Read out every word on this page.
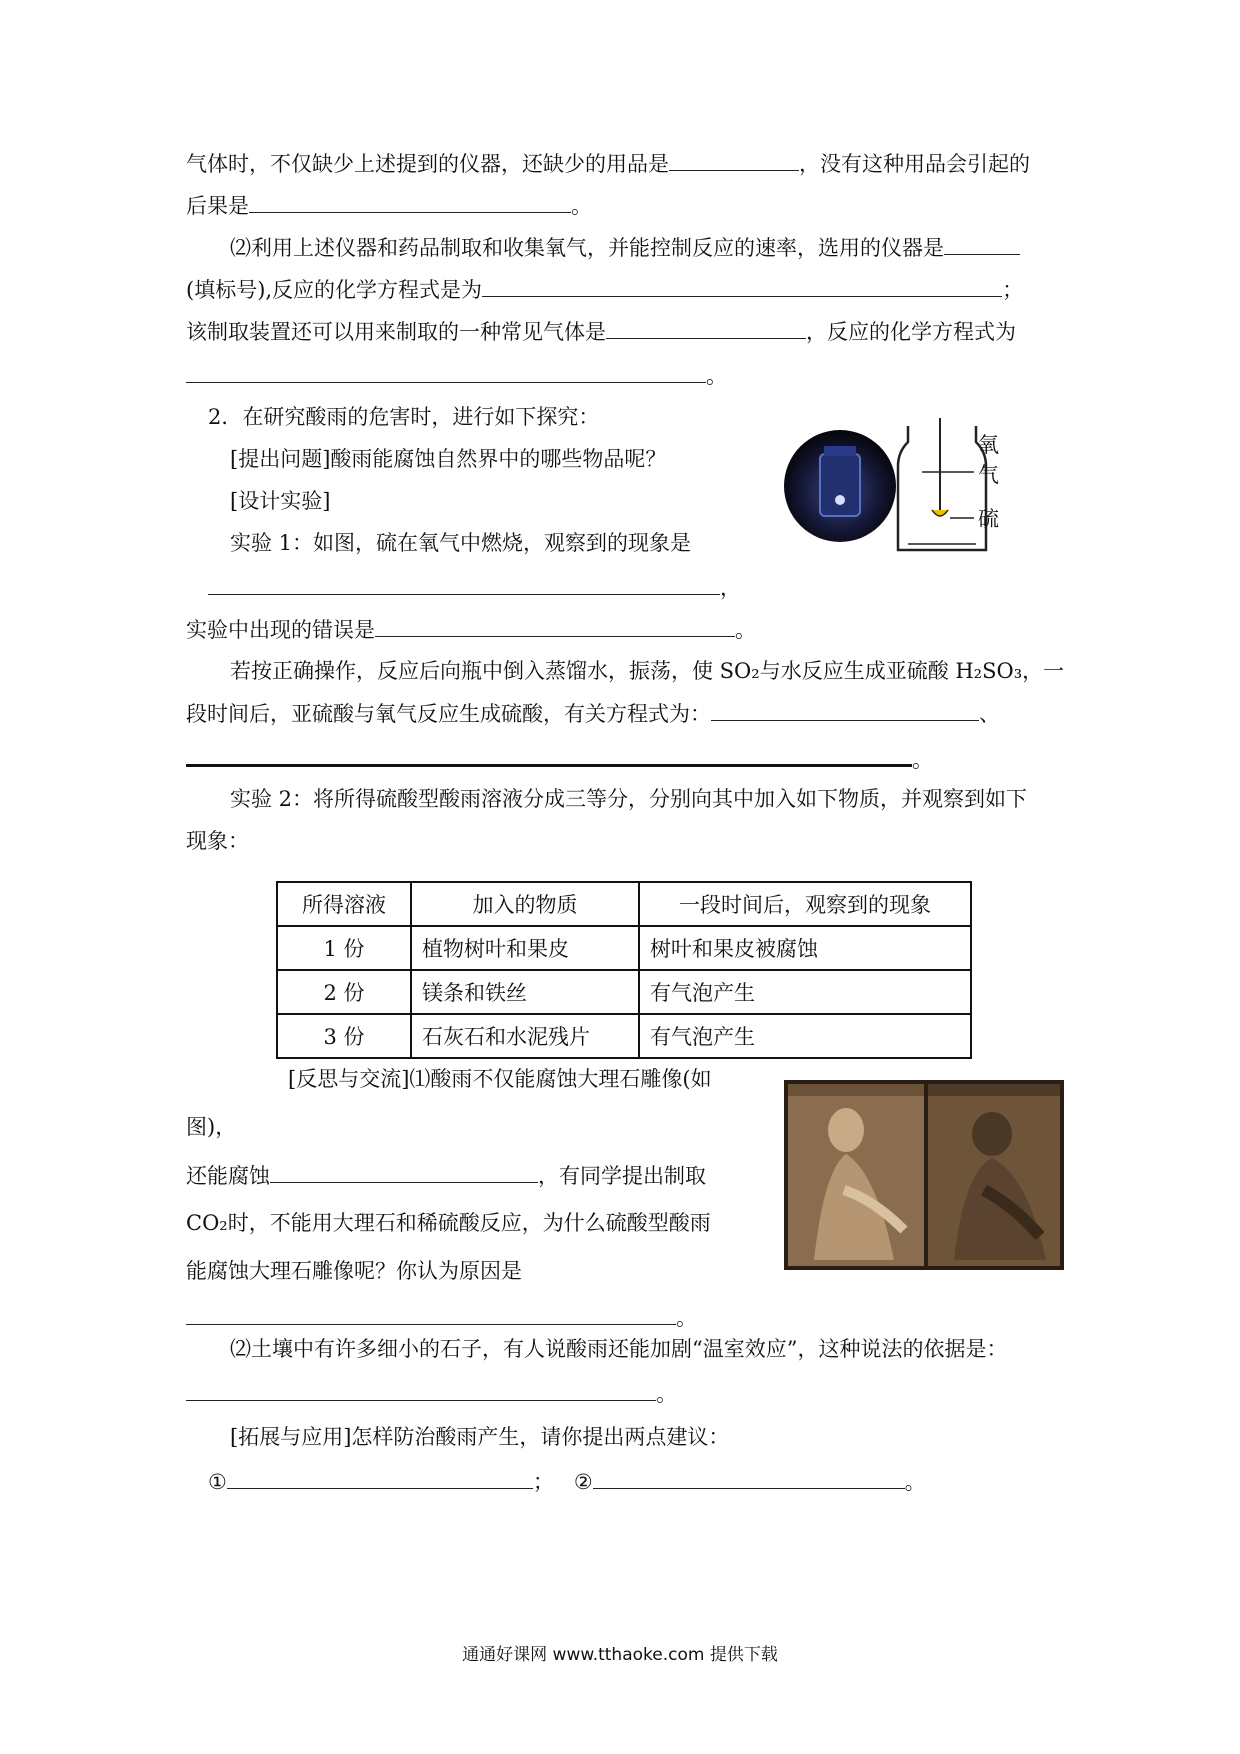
气体时，不仅缺少上述提到的仪器，还缺少的用品是	，没有这种用品会引起的
后果是	。
⑵利用上述仪器和药品制取和收集氧气，并能控制反应的速率，选用的仪器是
(填标号),反应的化学方程式是为	；
该制取装置还可以用来制取的一种常见气体是	，反应的化学方程式为
。
2．在研究酸雨的危害时，进行如下探究：
[提出问题]酸雨能腐蚀自然界中的哪些物品呢？
[设计实验]
实验 1：如图，硫在氧气中燃烧，观察到的现象是
，
实验中出现的错误是	。
氧
气
硫
若按正确操作，反应后向瓶中倒入蒸馏水，振荡，使 SO₂与水反应生成亚硫酸 H₂SO₃，一
段时间后，亚硫酸与氧气反应生成硫酸，有关方程式为：	、
。
实验 2：将所得硫酸型酸雨溶液分成三等分，分别向其中加入如下物质，并观察到如下
现象：
所得溶液	加入的物质	一段时间后，观察到的现象
1 份	植物树叶和果皮	树叶和果皮被腐蚀
2 份	镁条和铁丝	有气泡产生
3 份	石灰石和水泥残片	有气泡产生
[反思与交流]⑴酸雨不仅能腐蚀大理石雕像(如
图)，
还能腐蚀	，有同学提出制取
CO₂时，不能用大理石和稀硫酸反应，为什么硫酸型酸雨
能腐蚀大理石雕像呢？你认为原因是
。
⑵土壤中有许多细小的石子，有人说酸雨还能加剧“温室效应”，这种说法的依据是：
。
[拓展与应用]怎样防治酸雨产生，请你提出两点建议：
①	； ②	。
通通好课网 www.tthaoke.com 提供下载
